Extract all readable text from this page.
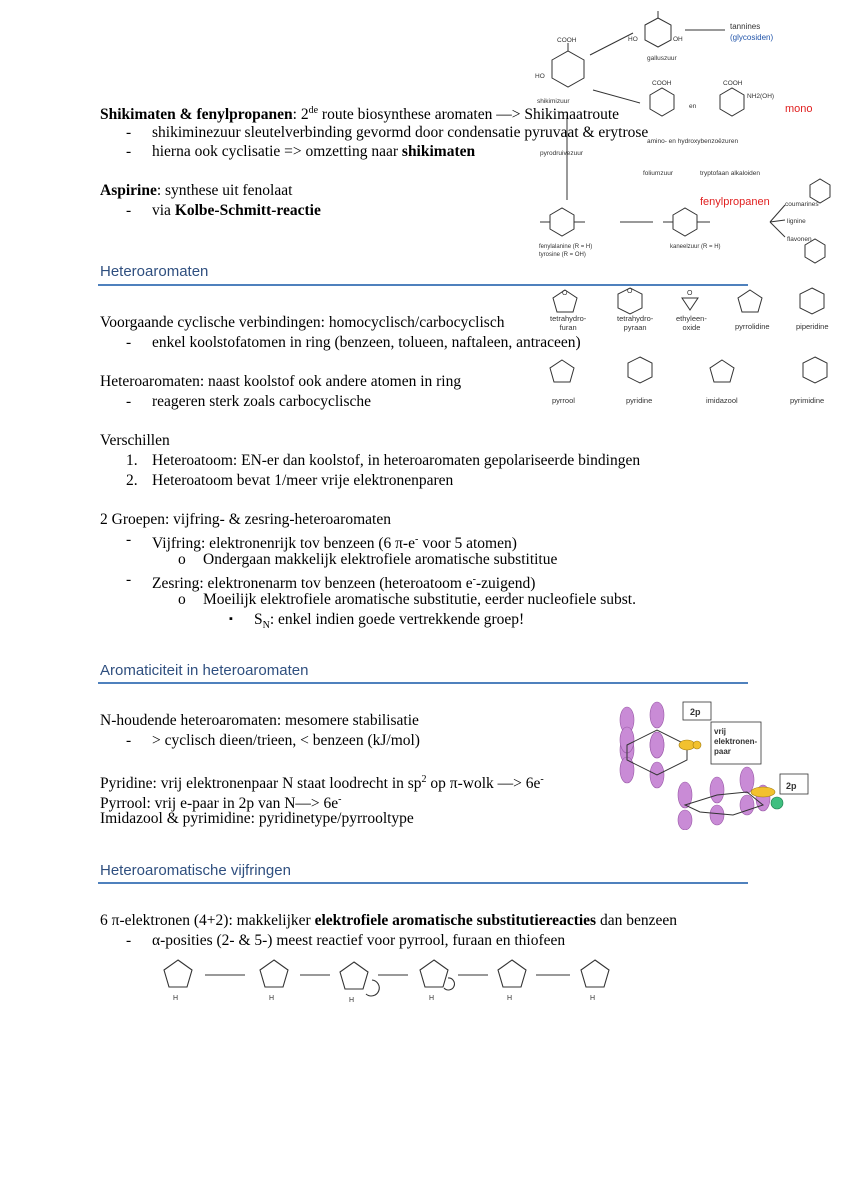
tannines
(glycosiden)
galluszuur
COOH
HO
HO	OH
shikimizuur
COOH	COOH
NH2(OH)
en	mono
pyrodruivezuur
amino- en hydroxybenzoëzuren
foliumzuur	tryptofaan alkaloiden
fenylpropanen coumarines
lignine
flavonen
fenylalanine (R = H)
tyrosine (R = OH)
kaneelzuur (R = H)
Shikimaten & fenylpropanen: 2de route biosynthese aromaten —> Shikimaatroute
- shikiminezuur sleutelverbinding gevormd door condensatie pyruvaat & erytrose
- hierna ook cyclisatie => omzetting naar shikimaten
Aspirine: synthese uit fenolaat
- via Kolbe-Schmitt-reactie
Heteroaromaten
O	O	O
tetrahydro-
furan
tetrahydro-
pyraan
ethyleen-
oxide	pyrrolidine	piperidine
pyrrool	pyridine	imidazool	pyrimidine
Voorgaande cyclische verbindingen: homocyclisch/carbocyclisch
- enkel koolstofatomen in ring (benzeen, tolueen, naftaleen, antraceen)
Heteroaromaten: naast koolstof ook andere atomen in ring
- reageren sterk zoals carbocyclische
Verschillen
1. Heteroatoom: EN-er dan koolstof, in heteroaromaten gepolariseerde bindingen
2. Heteroatoom bevat 1/meer vrije elektronenparen
2 Groepen: vijfring- & zesring-heteroaromaten
- Vijfring: elektronenrijk tov benzeen (6 π-e- voor 5 atomen)
o Ondergaan makkelijk elektrofiele aromatische substititue
- Zesring: elektronenarm tov benzeen (heteroatoom e--zuigend)
o Moeilijk elektrofiele aromatische substitutie, eerder nucleofiele subst.
▪ $S_N$: enkel indien goede vertrekkende groep!
Aromaticiteit in heteroaromaten
2p
vrij
elektronen-
paar
2p
N-houdende heteroaromaten: mesomere stabilisatie
- > cyclisch dieen/trieen, < benzeen (kJ/mol)
Pyridine: vrij elektronenpaar N staat loodrecht in $sp^2$ op π-wolk —> 6e-
Pyrrool: vrij e-paar in 2p van N—> 6e-
Imidazool & pyrimidine: pyridinetype/pyrrooltype
Heteroaromatische vijfringen
6 π-elektronen (4+2): makkelijker elektrofiele aromatische substitutiereacties dan benzeen
- α-posities (2- & 5-) meest reactief voor pyrrool, furaan en thiofeen
H	H	H	H	H	H
